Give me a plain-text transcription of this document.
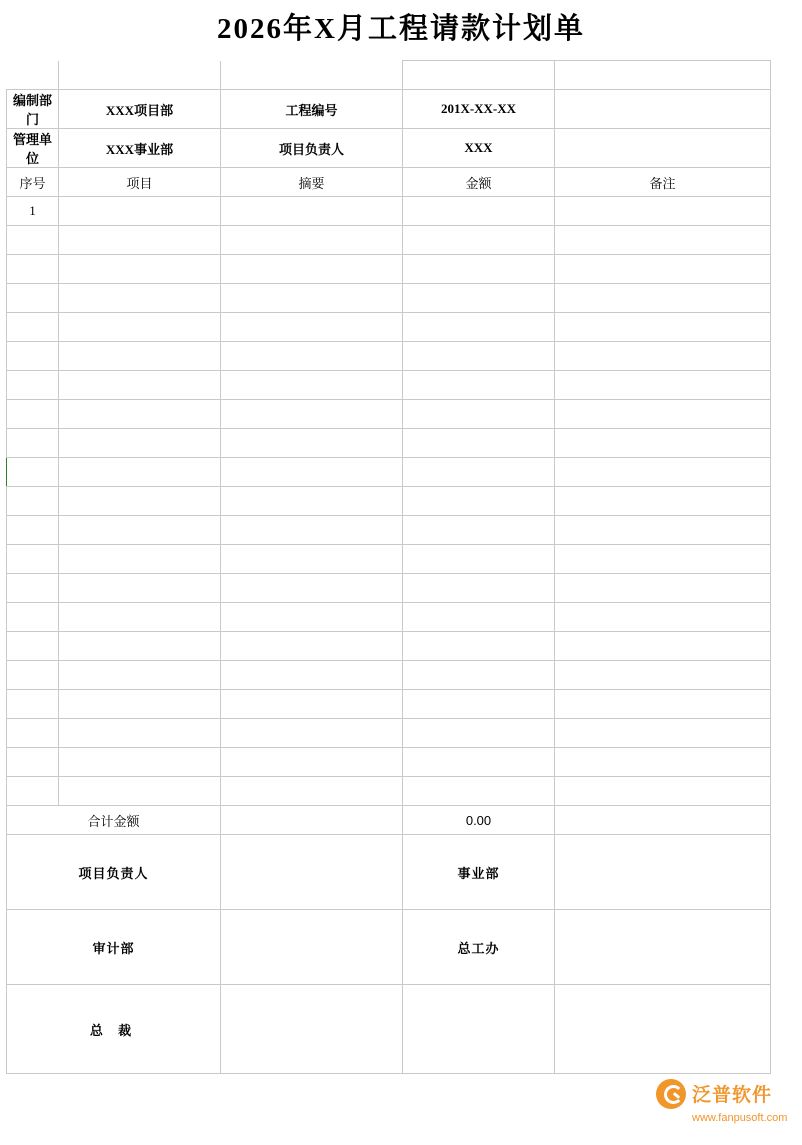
2026年X月工程请款计划单

编制部门	XXX项目部	工程编号	201X-XX-XX	
管理单位	XXX事业部	项目负责人	XXX	
序号	项目	摘要	金额	备注
1				

合计金额			0.00	
项目负责人			事业部	
审计部			总工办	
总 裁				
泛普软件
www.fanpusoft.com
